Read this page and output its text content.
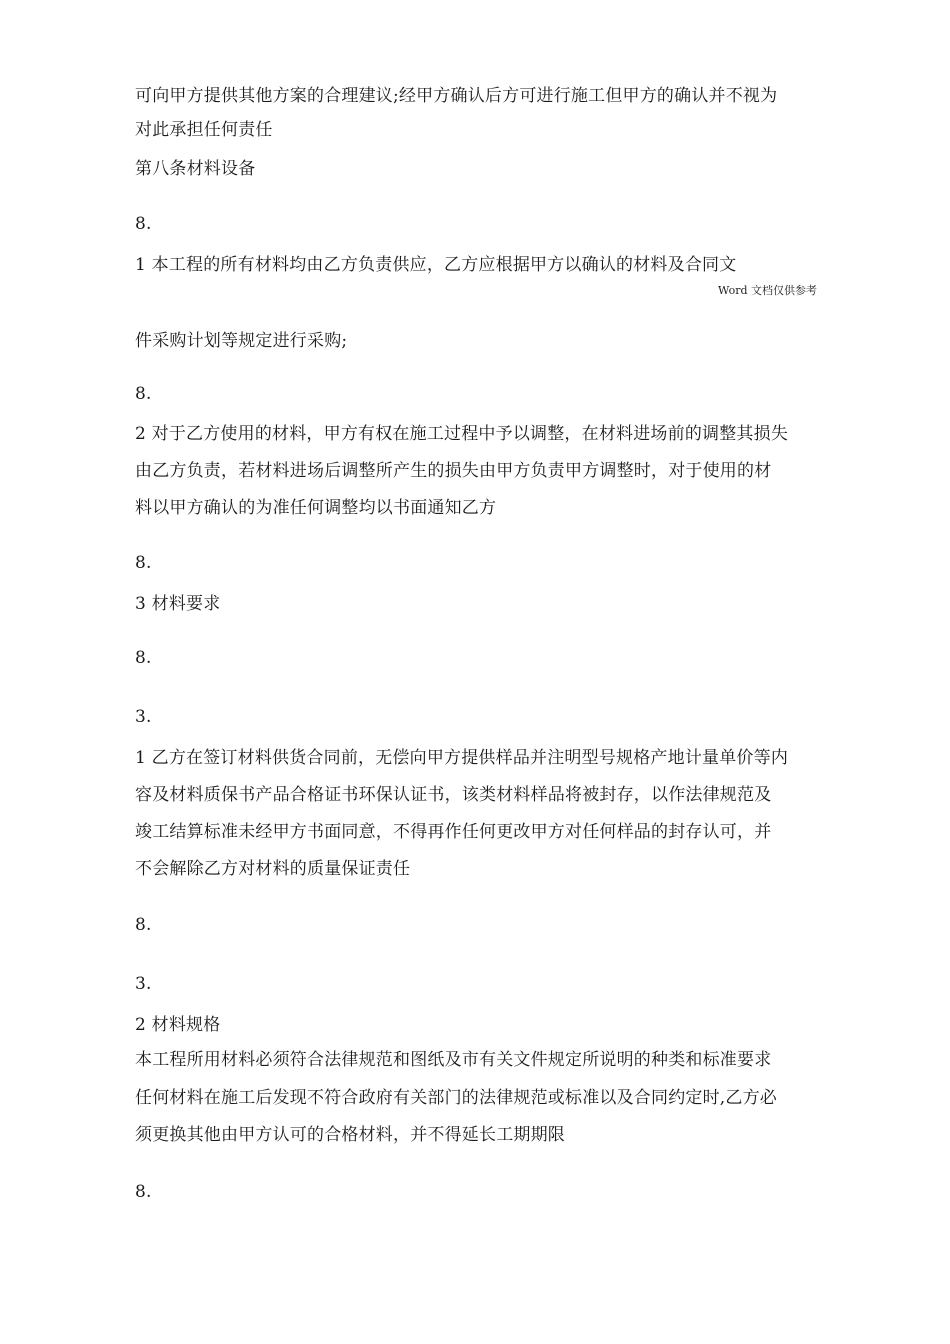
可向甲方提供其他方案的合理建议;经甲方确认后方可进行施工但甲方的确认并不视为
对此承担任何责任
第八条材料设备
8.
1 本工程的所有材料均由乙方负责供应，乙方应根据甲方以确认的材料及合同文
Word 文档仅供参考
件采购计划等规定进行采购;
8.
2 对于乙方使用的材料，甲方有权在施工过程中予以调整，在材料进场前的调整其损失
由乙方负责，若材料进场后调整所产生的损失由甲方负责甲方调整时，对于使用的材
料以甲方确认的为准任何调整均以书面通知乙方
8.
3 材料要求
8.
3.
1 乙方在签订材料供货合同前，无偿向甲方提供样品并注明型号规格产地计量单价等内
容及材料质保书产品合格证书环保认证书，该类材料样品将被封存，以作法律规范及
竣工结算标准未经甲方书面同意，不得再作任何更改甲方对任何样品的封存认可，并
不会解除乙方对材料的质量保证责任
8.
3.
2 材料规格
本工程所用材料必须符合法律规范和图纸及市有关文件规定所说明的种类和标准要求
任何材料在施工后发现不符合政府有关部门的法律规范或标准以及合同约定时,乙方必
须更换其他由甲方认可的合格材料，并不得延长工期期限
8.
